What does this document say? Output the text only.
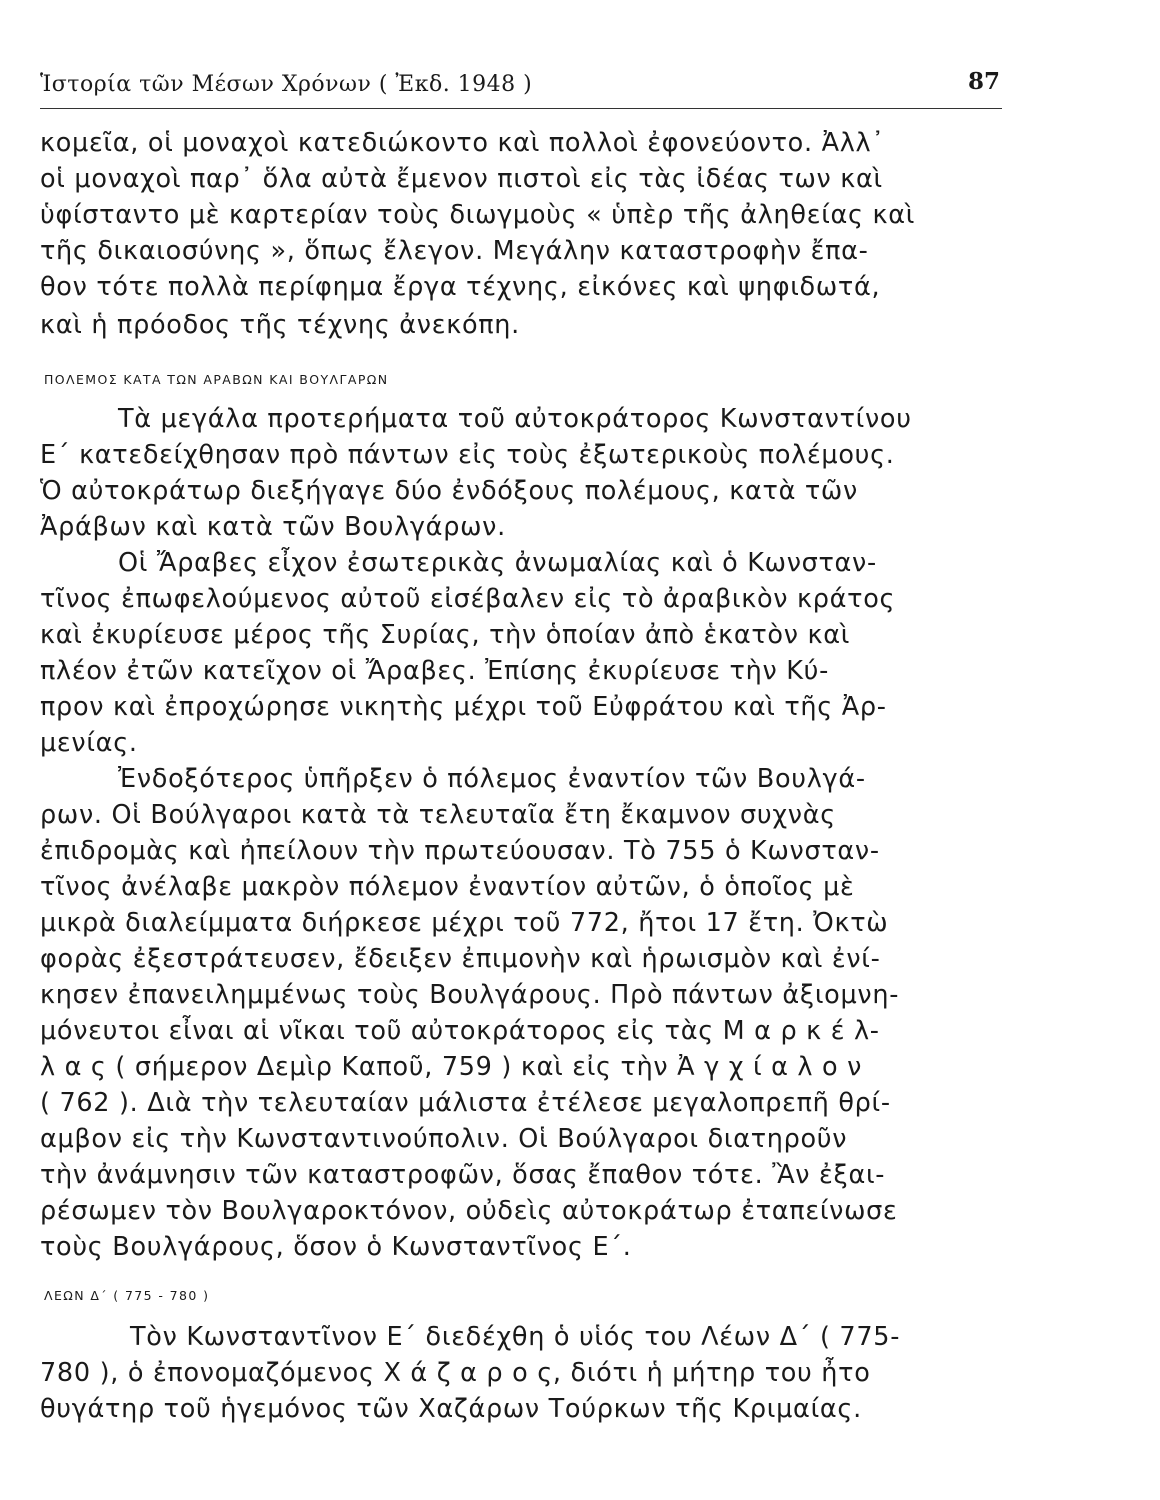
Ἱστορία τῶν Μέσων Χρόνων ( Ἐκδ. 1948 )	87
κομεῖα, οἱ μοναχοὶ κατεδιώκοντο καὶ πολλοὶ ἐφονεύοντο. Ἀλλ᾽
οἱ μοναχοὶ παρ᾽ ὅλα αὐτὰ ἔμενον πιστοὶ εἰς τὰς ἰδέας των καὶ
ὑφίσταντο μὲ καρτερίαν τοὺς διωγμοὺς « ὑπὲρ τῆς ἀληθείας καὶ
τῆς δικαιοσύνης », ὅπως ἔλεγον. Μεγάλην καταστροφὴν ἔπα-
θον τότε πολλὰ περίφημα ἔργα τέχνης, εἰκόνες καὶ ψηφιδωτά,
καὶ ἡ πρόοδος τῆς τέχνης ἀνεκόπη.
ΠΟΛΕΜΟΣ ΚΑΤΑ ΤΩΝ ΑΡΑΒΩΝ ΚΑΙ ΒΟΥΛΓΑΡΩΝ
Τὰ μεγάλα προτερήματα τοῦ αὐτοκράτορος Κωνσταντίνου
Ε΄ κατεδείχθησαν πρὸ πάντων εἰς τοὺς ἐξωτερικοὺς πολέμους.
Ὁ αὐτοκράτωρ διεξήγαγε δύο ἐνδόξους πολέμους, κατὰ τῶν
Ἀράβων καὶ κατὰ τῶν Βουλγάρων.
Οἱ Ἄραβες εἶχον ἐσωτερικὰς ἀνωμαλίας καὶ ὁ Κωνσταν-
τῖνος ἐπωφελούμενος αὐτοῦ εἰσέβαλεν εἰς τὸ ἀραβικὸν κράτος
καὶ ἐκυρίευσε μέρος τῆς Συρίας, τὴν ὁποίαν ἀπὸ ἑκατὸν καὶ
πλέον ἐτῶν κατεῖχον οἱ Ἄραβες. Ἐπίσης ἐκυρίευσε τὴν Κύ-
προν καὶ ἐπροχώρησε νικητὴς μέχρι τοῦ Εὐφράτου καὶ τῆς Ἀρ-
μενίας.
Ἐνδοξότερος ὑπῆρξεν ὁ πόλεμος ἐναντίον τῶν Βουλγά-
ρων. Οἱ Βούλγαροι κατὰ τὰ τελευταῖα ἔτη ἔκαμνον συχνὰς
ἐπιδρομὰς καὶ ἠπείλουν τὴν πρωτεύουσαν. Τὸ 755 ὁ Κωνσταν-
τῖνος ἀνέλαβε μακρὸν πόλεμον ἐναντίον αὐτῶν, ὁ ὁποῖος μὲ
μικρὰ διαλείμματα διήρκεσε μέχρι τοῦ 772, ἤτοι 17 ἔτη. Ὀκτὼ
φορὰς ἐξεστράτευσεν, ἔδειξεν ἐπιμονὴν καὶ ἡρωισμὸν καὶ ἐνί-
κησεν ἐπανειλημμένως τοὺς Βουλγάρους. Πρὸ πάντων ἀξιομνη-
μόνευτοι εἶναι αἱ νῖκαι τοῦ αὐτοκράτορος εἰς τὰς Μ α ρ κ έ λ-
λ α ς ( σήμερον Δεμὶρ Καποῦ, 759 ) καὶ εἰς τὴν Ἀ γ χ ί α λ ο ν
( 762 ). Διὰ τὴν τελευταίαν μάλιστα ἐτέλεσε μεγαλοπρεπῆ θρί-
αμβον εἰς τὴν Κωνσταντινούπολιν. Οἱ Βούλγαροι διατηροῦν
τὴν ἀνάμνησιν τῶν καταστροφῶν, ὅσας ἔπαθον τότε. Ἂν ἐξαι-
ρέσωμεν τὸν Βουλγαροκτόνον, οὐδεὶς αὐτοκράτωρ ἐταπείνωσε
τοὺς Βουλγάρους, ὅσον ὁ Κωνσταντῖνος Ε΄.
ΛΕΩΝ Δ΄ ( 775 - 780 )
Τὸν Κωνσταντῖνον Ε΄ διεδέχθη ὁ υἱός του Λέων Δ΄ ( 775-
780 ), ὁ ἐπονομαζόμενος Χ ά ζ α ρ ο ς, διότι ἡ μήτηρ του ἦτο
θυγάτηρ τοῦ ἡγεμόνος τῶν Χαζάρων Τούρκων τῆς Κριμαίας.
